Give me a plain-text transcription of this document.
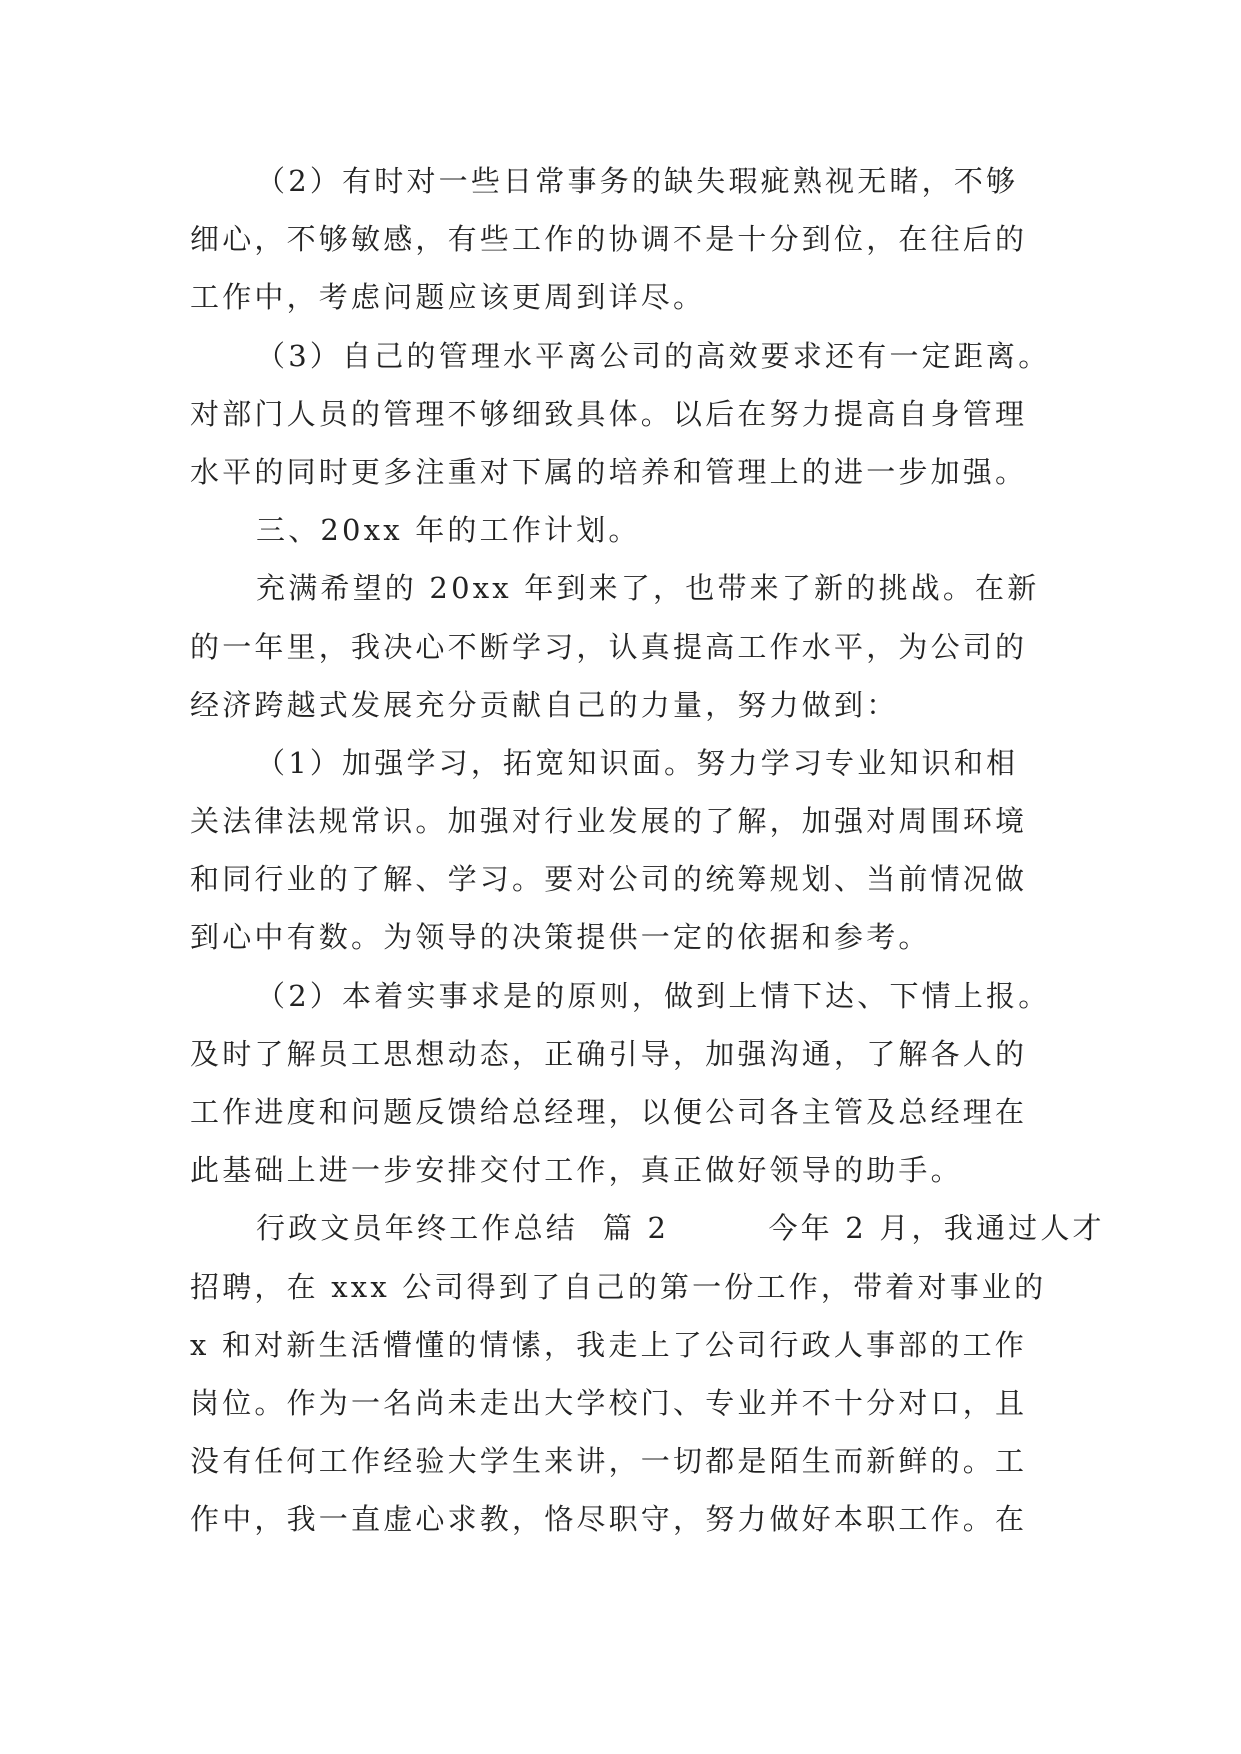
（2）有时对一些日常事务的缺失瑕疵熟视无睹，不够
细心，不够敏感，有些工作的协调不是十分到位，在往后的
工作中，考虑问题应该更周到详尽。
（3）自己的管理水平离公司的高效要求还有一定距离。
对部门人员的管理不够细致具体。以后在努力提高自身管理
水平的同时更多注重对下属的培养和管理上的进一步加强。
三、20xx 年的工作计划。
充满希望的 20xx 年到来了，也带来了新的挑战。在新
的一年里，我决心不断学习，认真提高工作水平，为公司的
经济跨越式发展充分贡献自己的力量，努力做到：
（1）加强学习，拓宽知识面。努力学习专业知识和相
关法律法规常识。加强对行业发展的了解，加强对周围环境
和同行业的了解、学习。要对公司的统筹规划、当前情况做
到心中有数。为领导的决策提供一定的依据和参考。
（2）本着实事求是的原则，做到上情下达、下情上报。
及时了解员工思想动态，正确引导，加强沟通，了解各人的
工作进度和问题反馈给总经理，以便公司各主管及总经理在
此基础上进一步安排交付工作，真正做好领导的助手。
行政文员年终工作总结  篇 2        今年 2 月，我通过人才
招聘，在 xxx 公司得到了自己的第一份工作，带着对事业的
x 和对新生活懵懂的情愫，我走上了公司行政人事部的工作
岗位。作为一名尚未走出大学校门、专业并不十分对口，且
没有任何工作经验大学生来讲，一切都是陌生而新鲜的。工
作中，我一直虚心求教，恪尽职守，努力做好本职工作。在
